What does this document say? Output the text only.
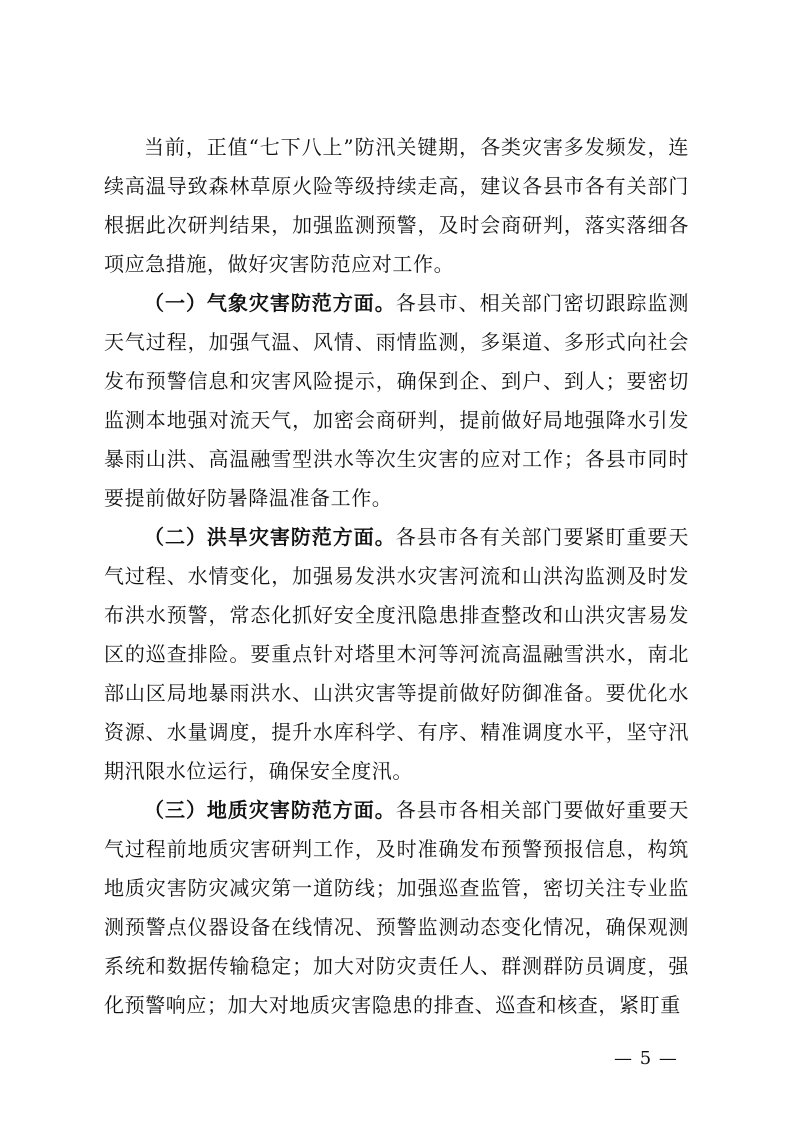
当前，正值“七下八上”防汛关键期，各类灾害多发频发，连续高温导致森林草原火险等级持续走高，建议各县市各有关部门根据此次研判结果，加强监测预警，及时会商研判，落实落细各项应急措施，做好灾害防范应对工作。

（一）气象灾害防范方面。各县市、相关部门密切跟踪监测天气过程，加强气温、风情、雨情监测，多渠道、多形式向社会发布预警信息和灾害风险提示，确保到企、到户、到人；要密切监测本地强对流天气，加密会商研判，提前做好局地强降水引发暴雨山洪、高温融雪型洪水等次生灾害的应对工作；各县市同时要提前做好防暑降温准备工作。

（二）洪旱灾害防范方面。各县市各有关部门要紧盯重要天气过程、水情变化，加强易发洪水灾害河流和山洪沟监测及时发布洪水预警，常态化抓好安全度汛隐患排查整改和山洪灾害易发区的巡查排险。要重点针对塔里木河等河流高温融雪洪水，南北部山区局地暴雨洪水、山洪灾害等提前做好防御准备。要优化水资源、水量调度，提升水库科学、有序、精准调度水平，坚守汛期汛限水位运行，确保安全度汛。

（三）地质灾害防范方面。各县市各相关部门要做好重要天气过程前地质灾害研判工作，及时准确发布预警预报信息，构筑地质灾害防灾减灾第一道防线；加强巡查监管，密切关注专业监测预警点仪器设备在线情况、预警监测动态变化情况，确保观测系统和数据传输稳定；加大对防灾责任人、群测群防员调度，强化预警响应；加大对地质灾害隐患的排查、巡查和核查，紧盯重

— 5 —
